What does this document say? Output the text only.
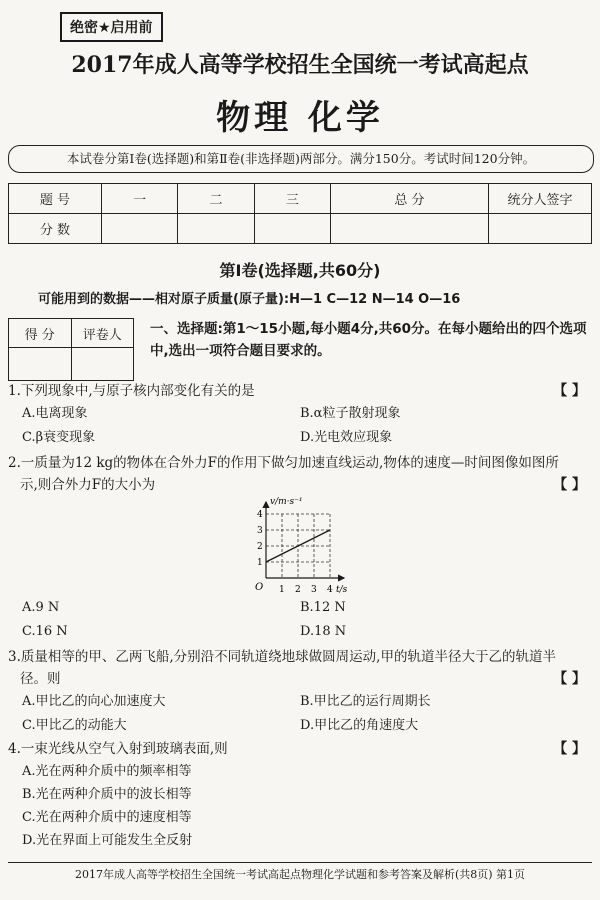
绝密★启用前
2017年成人高等学校招生全国统一考试高起点
物理 化学
本试卷分第Ⅰ卷(选择题)和第Ⅱ卷(非选择题)两部分。满分150分。考试时间120分钟。
题 号	一	二	三	总 分	统分人签字
分 数					
第Ⅰ卷(选择题,共60分)
可能用到的数据——相对原子质量(原子量):H—1 C—12 N—14 O—16
得 分	评卷人
	一、选择题:第1～15小题,每小题4分,共60分。在每小题给出的四个选项中,选出一项符合题目要求的。
1.下列现象中,与原子核内部变化有关的是	【 】
A.电离现象	B.α粒子散射现象
C.β衰变现象	D.光电效应现象
2.一质量为12 kg的物体在合外力F的作用下做匀加速直线运动,物体的速度—时间图像如图所
示,则合外力F的大小为	【 】
v/m·s⁻¹
t/s
O 1 2 3 4
1
2
3
4
A.9 N	B.12 N
C.16 N	D.18 N
3.质量相等的甲、乙两飞船,分别沿不同轨道绕地球做圆周运动,甲的轨道半径大于乙的轨道半
径。则	【 】
A.甲比乙的向心加速度大	B.甲比乙的运行周期长
C.甲比乙的动能大	D.甲比乙的角速度大
4.一束光线从空气入射到玻璃表面,则	【 】
A.光在两种介质中的频率相等
B.光在两种介质中的波长相等
C.光在两种介质中的速度相等
D.光在界面上可能发生全反射
2017年成人高等学校招生全国统一考试高起点物理化学试题和参考答案及解析(共8页) 第1页
